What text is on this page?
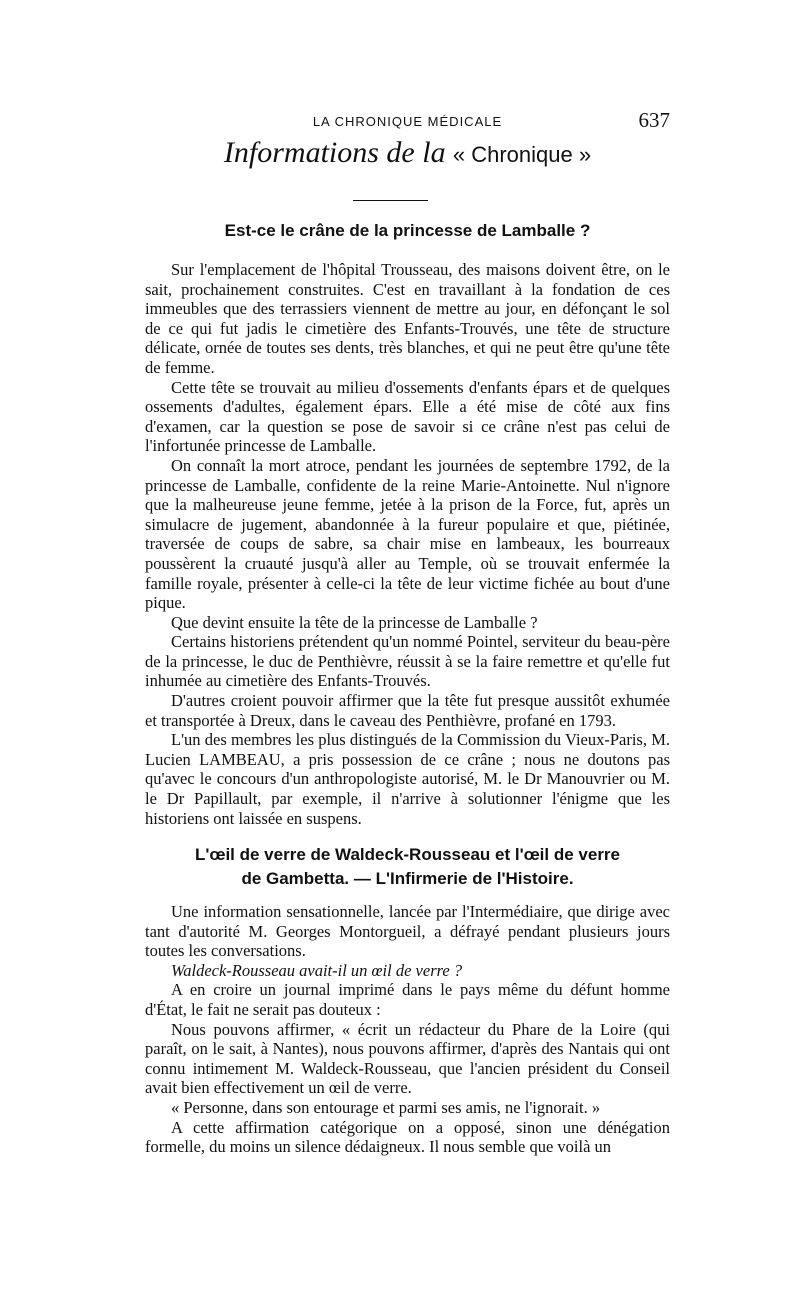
LA CHRONIQUE MÉDICALE	637
Informations de la « Chronique »
Est-ce le crâne de la princesse de Lamballe ?

Sur l'emplacement de l'hôpital Trousseau, des maisons doivent être, on le sait, prochainement construites. C'est en travaillant à la fondation de ces immeubles que des terrassiers viennent de mettre au jour, en défonçant le sol de ce qui fut jadis le cimetière des Enfants-Trouvés, une tête de structure délicate, ornée de toutes ses dents, très blanches, et qui ne peut être qu'une tête de femme.

Cette tête se trouvait au milieu d'ossements d'enfants épars et de quelques ossements d'adultes, également épars. Elle a été mise de côté aux fins d'examen, car la question se pose de savoir si ce crâne n'est pas celui de l'infortunée princesse de Lamballe.

On connaît la mort atroce, pendant les journées de septembre 1792, de la princesse de Lamballe, confidente de la reine Marie-Antoinette. Nul n'ignore que la malheureuse jeune femme, jetée à la prison de la Force, fut, après un simulacre de jugement, abandonnée à la fureur populaire et que, piétinée, traversée de coups de sabre, sa chair mise en lambeaux, les bourreaux poussèrent la cruauté jusqu'à aller au Temple, où se trouvait enfermée la famille royale, présenter à celle-ci la tête de leur victime fichée au bout d'une pique.

Que devint ensuite la tête de la princesse de Lamballe ?

Certains historiens prétendent qu'un nommé Pointel, serviteur du beau-père de la princesse, le duc de Penthièvre, réussit à se la faire remettre et qu'elle fut inhumée au cimetière des Enfants-Trouvés.

D'autres croient pouvoir affirmer que la tête fut presque aussitôt exhumée et transportée à Dreux, dans le caveau des Penthièvre, profané en 1793.

L'un des membres les plus distingués de la Commission du Vieux-Paris, M. Lucien LAMBEAU, a pris possession de ce crâne ; nous ne doutons pas qu'avec le concours d'un anthropologiste autorisé, M. le Dr Manouvrier ou M. le Dr Papillault, par exemple, il n'arrive à solutionner l'énigme que les historiens ont laissée en suspens.

L'œil de verre de Waldeck-Rousseau et l'œil de verre
de Gambetta. — L'Infirmerie de l'Histoire.

Une information sensationnelle, lancée par l'Intermédiaire, que dirige avec tant d'autorité M. Georges Montorgueil, a défrayé pendant plusieurs jours toutes les conversations.

Waldeck-Rousseau avait-il un œil de verre ?

A en croire un journal imprimé dans le pays même du défunt homme d'État, le fait ne serait pas douteux :

Nous pouvons affirmer, « écrit un rédacteur du Phare de la Loire (qui paraît, on le sait, à Nantes), nous pouvons affirmer, d'après des Nantais qui ont connu intimement M. Waldeck-Rousseau, que l'ancien président du Conseil avait bien effectivement un œil de verre.

« Personne, dans son entourage et parmi ses amis, ne l'ignorait. »

A cette affirmation catégorique on a opposé, sinon une dénégation formelle, du moins un silence dédaigneux. Il nous semble que voilà un
